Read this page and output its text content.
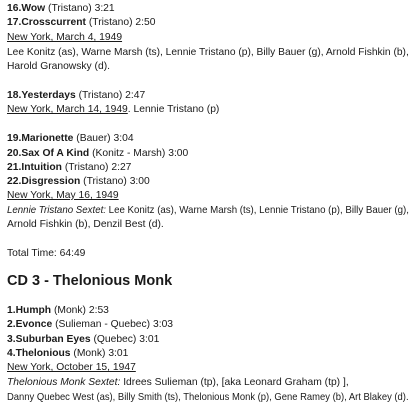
16.Wow (Tristano) 3:21
17.Crosscurrent (Tristano) 2:50
New York, March 4, 1949
Lee Konitz (as), Warne Marsh (ts), Lennie Tristano (p), Billy Bauer (g), Arnold Fishkin (b),
Harold Granowsky (d).
18.Yesterdays (Tristano) 2:47
New York, March 14, 1949. Lennie Tristano (p)
19.Marionette (Bauer) 3:04
20.Sax Of A Kind (Konitz - Marsh) 3:00
21.Intuition (Tristano) 2:27
22.Disgression (Tristano) 3:00
New York, May 16, 1949
Lennie Tristano Sextet: Lee Konitz (as), Warne Marsh (ts), Lennie Tristano (p), Billy Bauer (g),
Arnold Fishkin (b), Denzil Best (d).
Total Time: 64:49
CD 3 - Thelonious Monk
1.Humph (Monk) 2:53
2.Evonce (Sulieman - Quebec) 3:03
3.Suburban Eyes (Quebec) 3:01
4.Thelonious (Monk) 3:01
New York, October 15, 1947
Thelonious Monk Sextet: Idrees Sulieman (tp), [aka Leonard Graham (tp) ],
Danny Quebec West (as), Billy Smith (ts), Thelonious Monk (p), Gene Ramey (b), Art Blakey (d).
